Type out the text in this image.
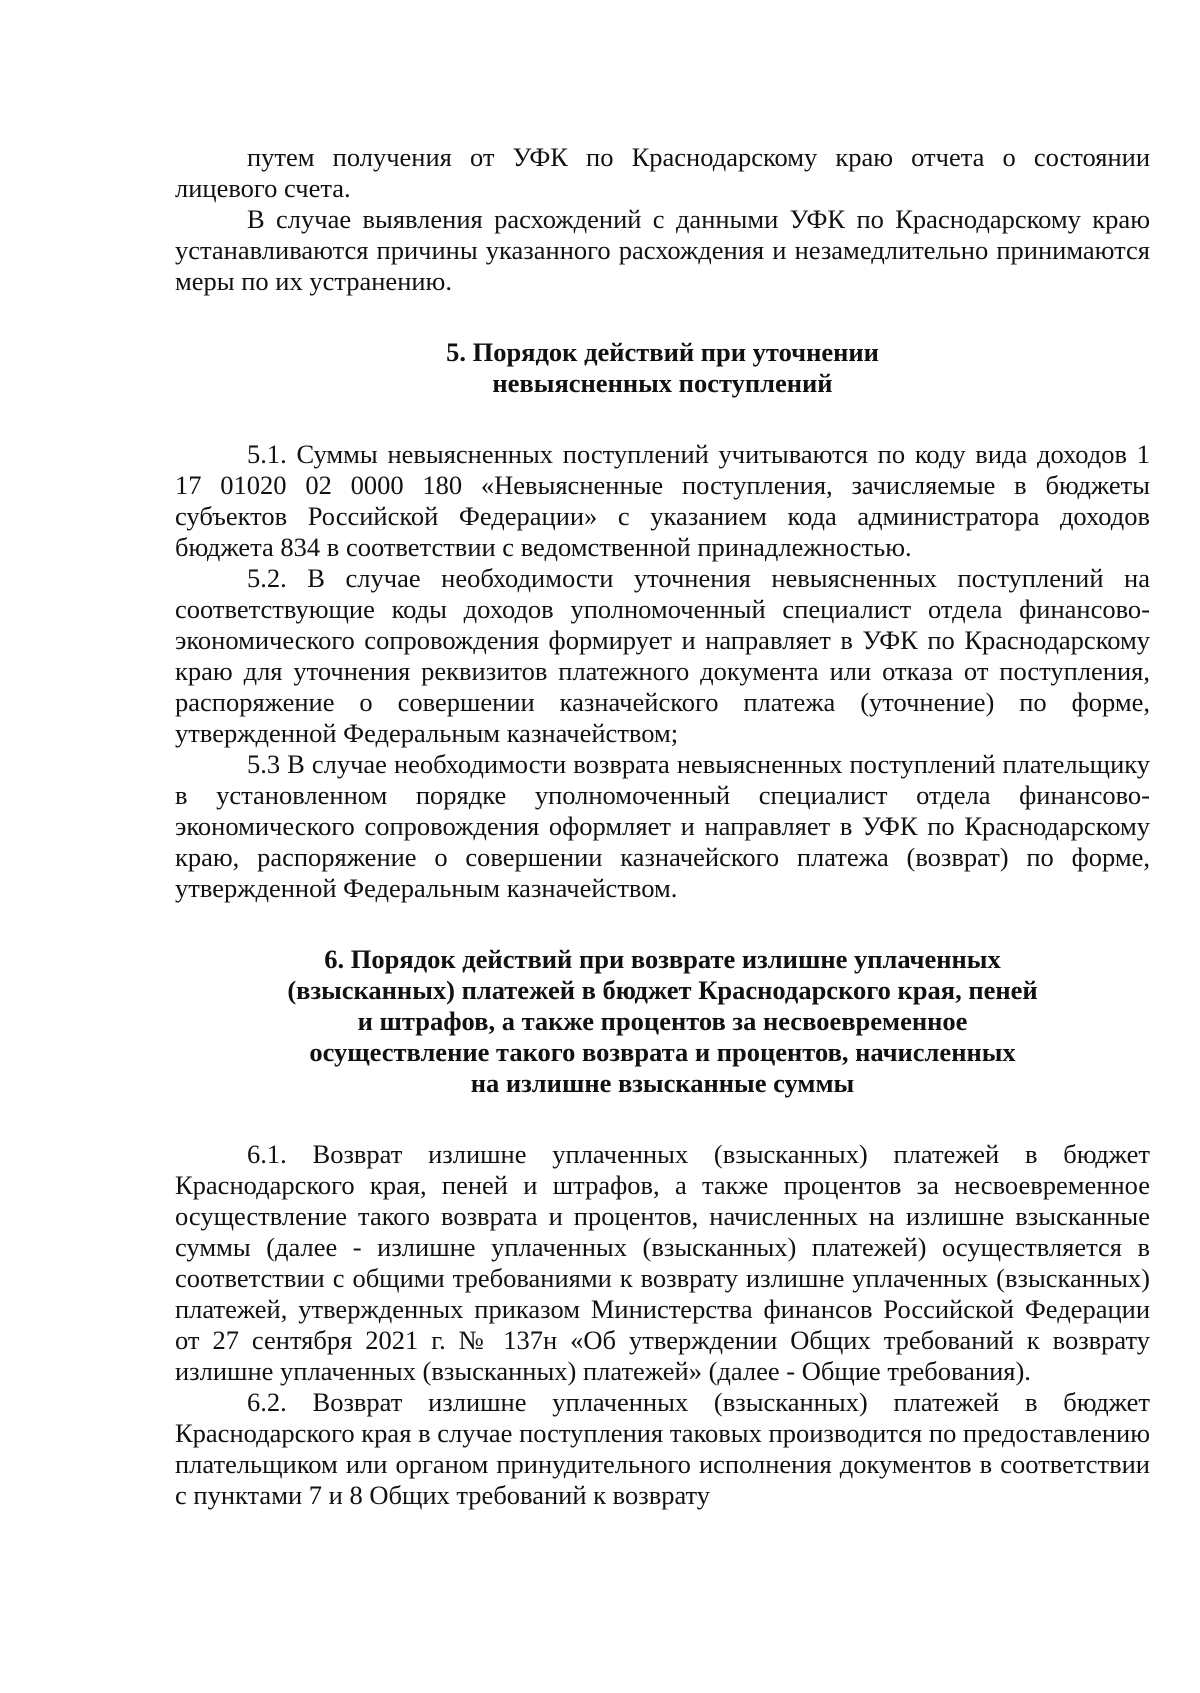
путем получения от УФК по Краснодарскому краю отчета о состоянии лицевого счета.

В случае выявления расхождений с данными УФК по Краснодарскому краю устанавливаются причины указанного расхождения и незамедлительно принимаются меры по их устранению.

5. Порядок действий при уточнении
невыясненных поступлений

5.1. Суммы невыясненных поступлений учитываются по коду вида доходов 1 17 01020 02 0000 180 «Невыясненные поступления, зачисляемые в бюджеты субъектов Российской Федерации» с указанием кода администратора доходов бюджета 834 в соответствии с ведомственной принадлежностью.

5.2. В случае необходимости уточнения невыясненных поступлений на соответствующие коды доходов уполномоченный специалист отдела финансово-экономического сопровождения формирует и направляет в УФК по Краснодарскому краю для уточнения реквизитов платежного документа или отказа от поступления, распоряжение о совершении казначейского платежа (уточнение) по форме, утвержденной Федеральным казначейством;

5.3 В случае необходимости возврата невыясненных поступлений плательщику в установленном порядке уполномоченный специалист отдела финансово-экономического сопровождения оформляет и направляет в УФК по Краснодарскому краю, распоряжение о совершении казначейского платежа (возврат) по форме, утвержденной Федеральным казначейством.

6. Порядок действий при возврате излишне уплаченных
(взысканных) платежей в бюджет Краснодарского края, пеней
и штрафов, а также процентов за несвоевременное
осуществление такого возврата и процентов, начисленных
на излишне взысканные суммы

6.1. Возврат излишне уплаченных (взысканных) платежей в бюджет Краснодарского края, пеней и штрафов, а также процентов за несвоевременное осуществление такого возврата и процентов, начисленных на излишне взысканные суммы (далее - излишне уплаченных (взысканных) платежей) осуществляется в соответствии с общими требованиями к возврату излишне уплаченных (взысканных) платежей, утвержденных приказом Министерства финансов Российской Федерации от 27 сентября 2021 г. № 137н «Об утверждении Общих требований к возврату излишне уплаченных (взысканных) платежей» (далее - Общие требования).

6.2. Возврат излишне уплаченных (взысканных) платежей в бюджет Краснодарского края в случае поступления таковых производится по предоставлению плательщиком или органом принудительного исполнения документов в соответствии с пунктами 7 и 8 Общих требований к возврату
